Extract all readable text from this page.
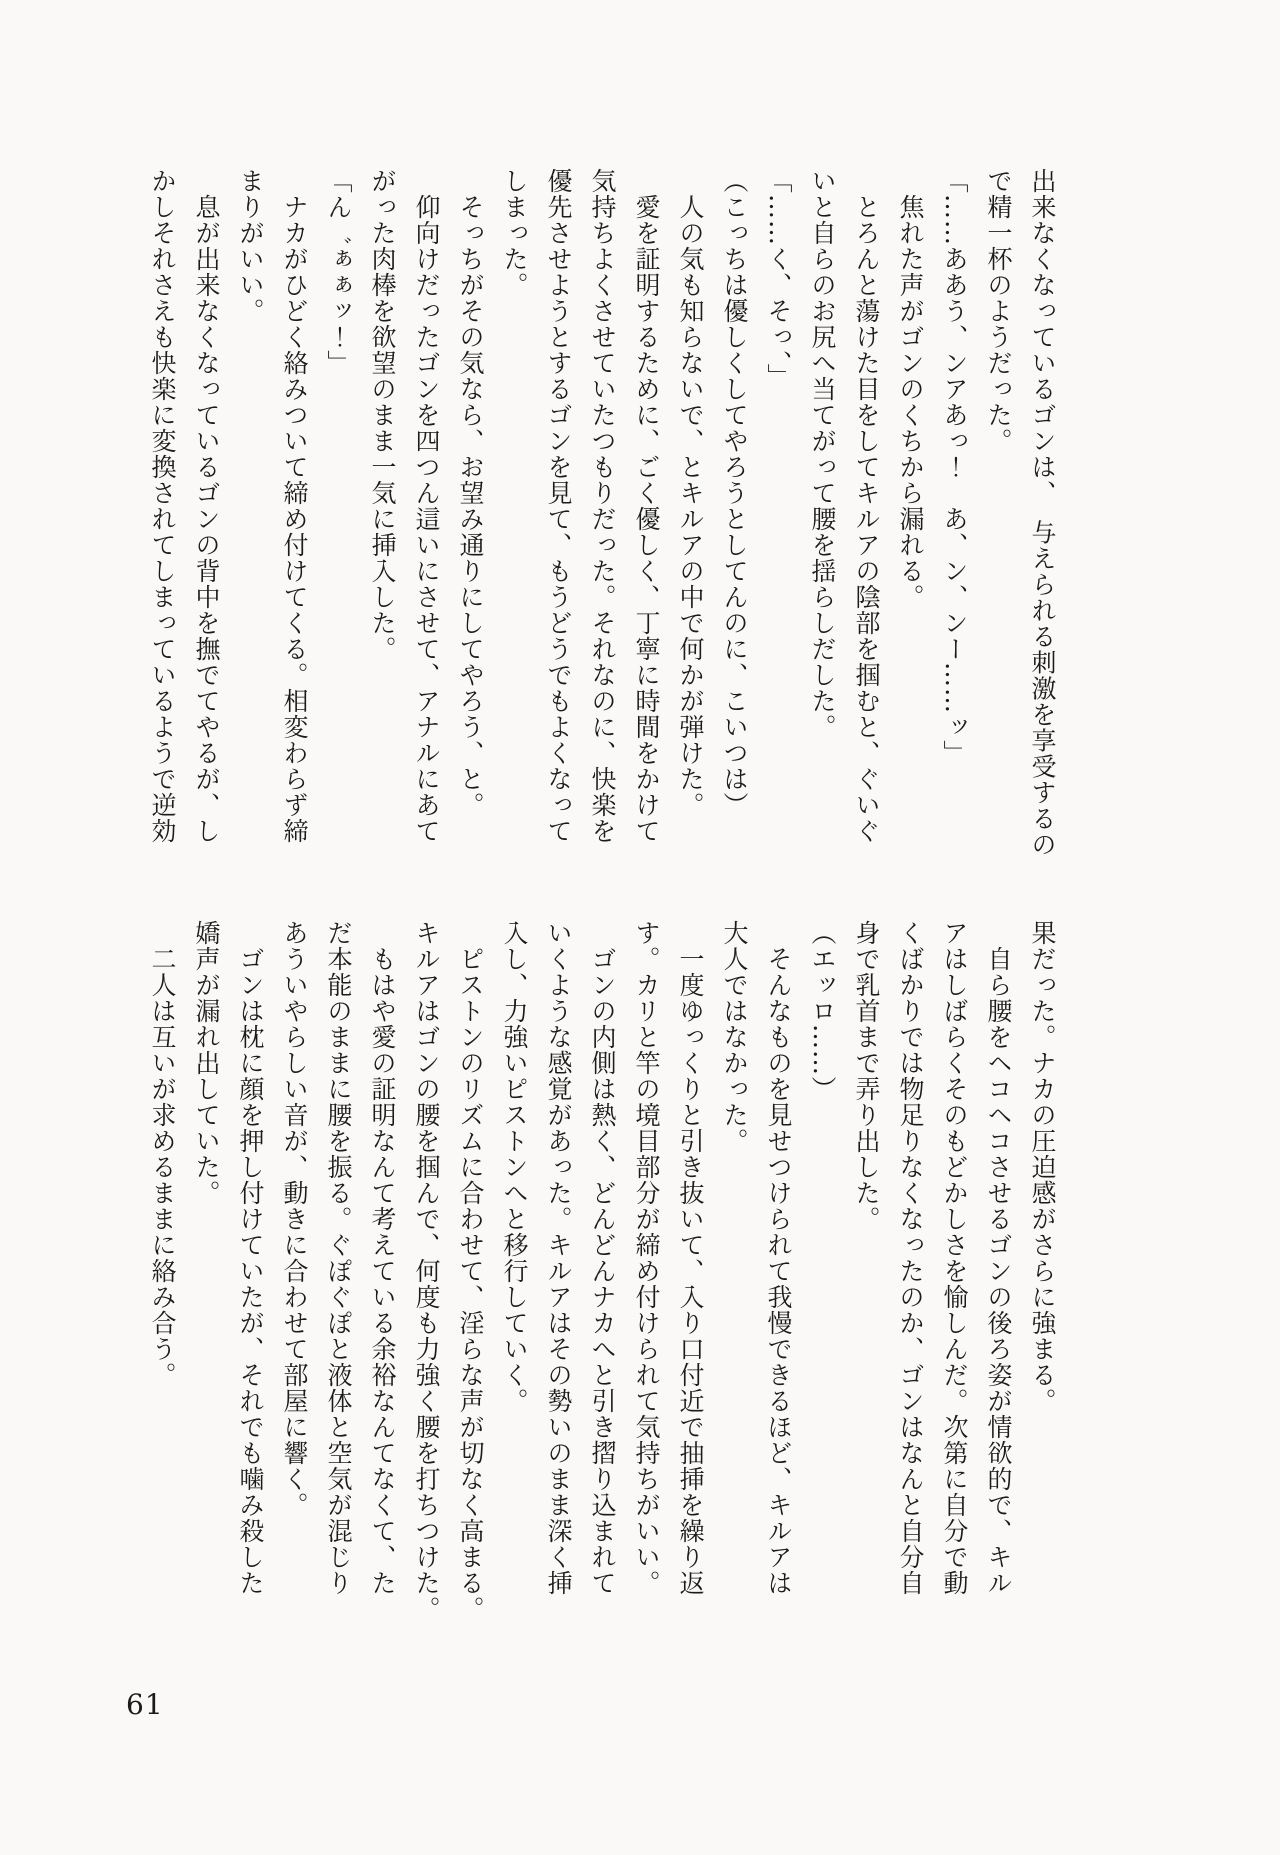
出来なくなっているゴンは、　与えられる刺激を享受するの

で精一杯のようだった。

「……ああう、ンアあっ！　あ、ン、ンー……ッ」

焦れた声がゴンのくちから漏れる。

とろんと蕩けた目をしてキルアの陰部を掴むと、ぐいぐ

いと自らのお尻へ当てがって腰を揺らしだした。

「……く、そっ、」

（こっちは優しくしてやろうとしてんのに、こいつは）

人の気も知らないで、とキルアの中で何かが弾けた。

愛を証明するために、ごく優しく、丁寧に時間をかけて

気持ちよくさせていたつもりだった。それなのに、快楽を

優先させようとするゴンを見て、もうどうでもよくなって

しまった。

そっちがその気なら、お望み通りにしてやろう、と。

仰向けだったゴンを四つん這いにさせて、アナルにあて

がった肉棒を欲望のまま一気に挿入した。

「ん゛ぁぁッ！」

ナカがひどく絡みついて締め付けてくる。相変わらず締

まりがいい。

息が出来なくなっているゴンの背中を撫でてやるが、し

かしそれさえも快楽に変換されてしまっているようで逆効

果だった。ナカの圧迫感がさらに強まる。

自ら腰をヘコヘコさせるゴンの後ろ姿が情欲的で、キル

アはしばらくそのもどかしさを愉しんだ。次第に自分で動

くばかりでは物足りなくなったのか、ゴンはなんと自分自

身で乳首まで弄り出した。

（エッロ……）

そんなものを見せつけられて我慢できるほど、キルアは

大人ではなかった。

一度ゆっくりと引き抜いて、入り口付近で抽挿を繰り返

す。カリと竿の境目部分が締め付けられて気持ちがいい。

ゴンの内側は熱く、どんどんナカへと引き摺り込まれて

いくような感覚があった。キルアはその勢いのまま深く挿

入し、力強いピストンへと移行していく。

ピストンのリズムに合わせて、淫らな声が切なく高まる。

キルアはゴンの腰を掴んで、何度も力強く腰を打ちつけた。

もはや愛の証明なんて考えている余裕なんてなくて、た

だ本能のままに腰を振る。ぐぽぐぽと液体と空気が混じり

あういやらしい音が、動きに合わせて部屋に響く。

ゴンは枕に顔を押し付けていたが、それでも噛み殺した

嬌声が漏れ出していた。

二人は互いが求めるままに絡み合う。

61
